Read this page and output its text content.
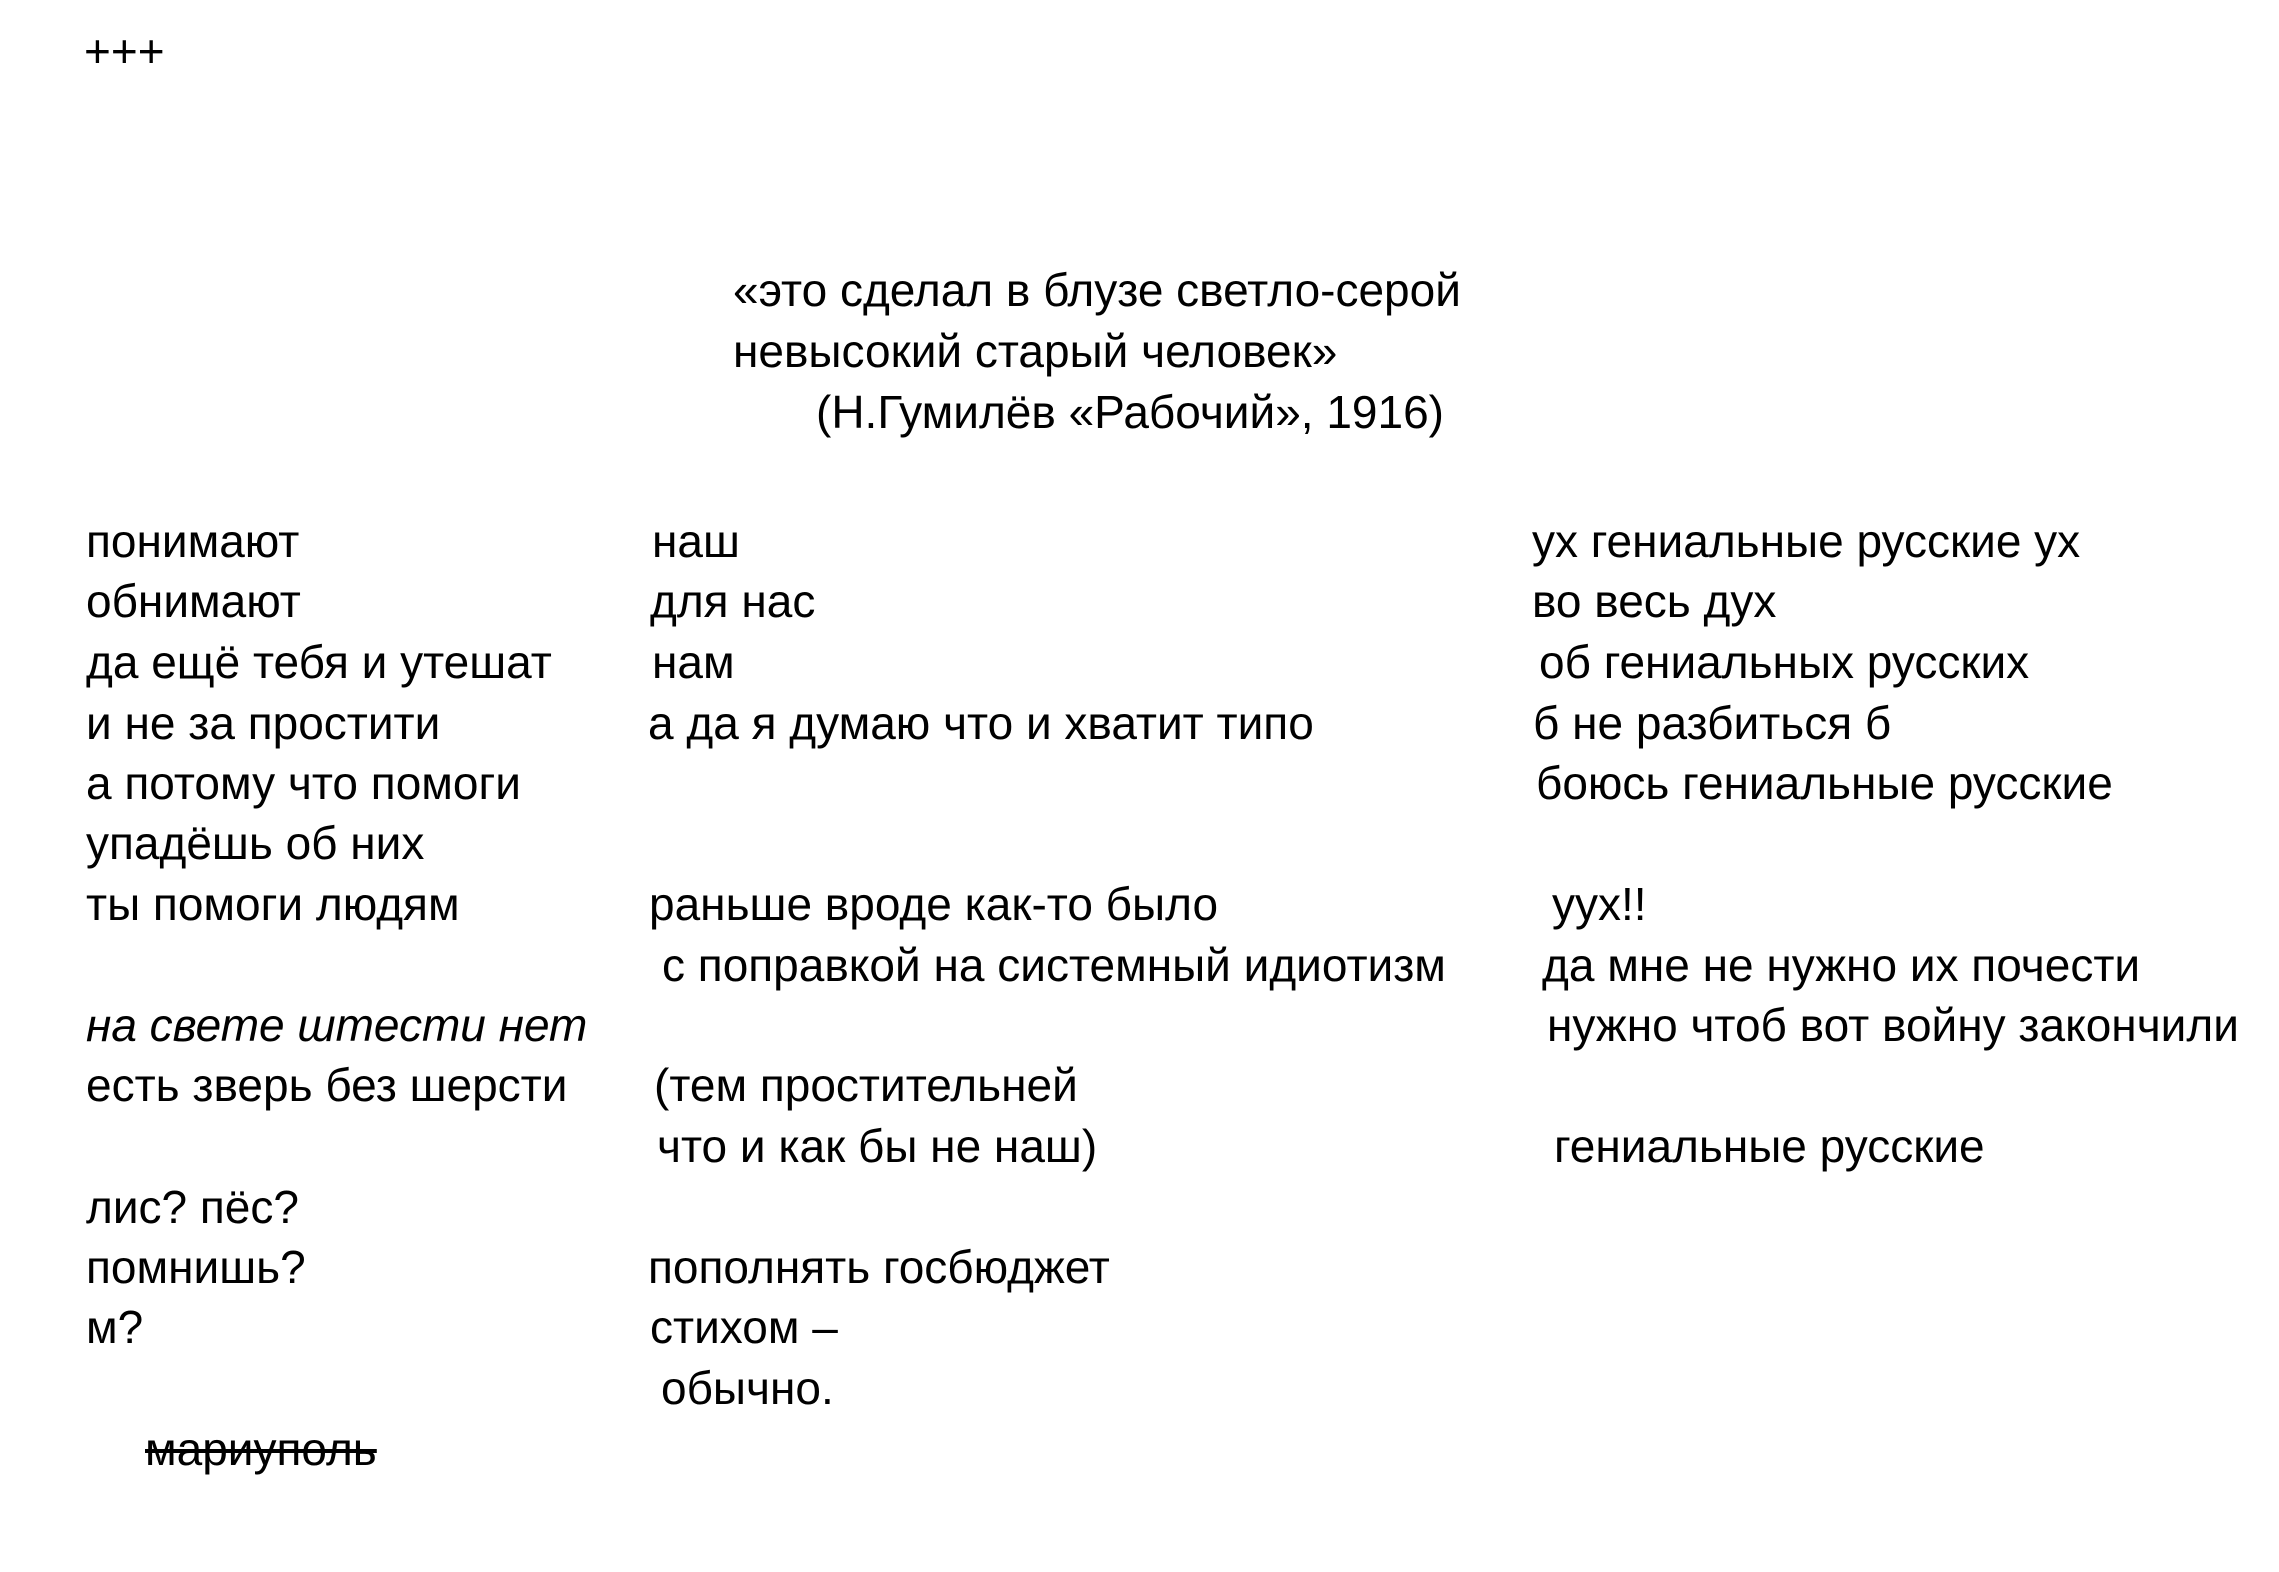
+++
«это сделал в блузе светло-серой
невысокий старый человек»
(Н.Гумилёв «Рабочий», 1916)
понимают
обнимают
да ещё тебя и утешат
и не за простити
а потому что помоги
упадёшь об них
ты помоги людям
на свете штести нет
есть зверь без шерсти
лис? пёс?
помнишь?
м?
мариуполь
наш
для нас
нам
а да я думаю что и хватит типо
раньше вроде как-то было
с поправкой на системный идиотизм
(тем простительней
что и как бы не наш)
пополнять госбюджет
стихом –
обычно.
ух гениальные русские ух
во весь дух
об гениальных русских
б не разбиться б
боюсь гениальные русские
уух!!
да мне не нужно их почести
нужно чтоб вот войну закончили
гениальные русские
